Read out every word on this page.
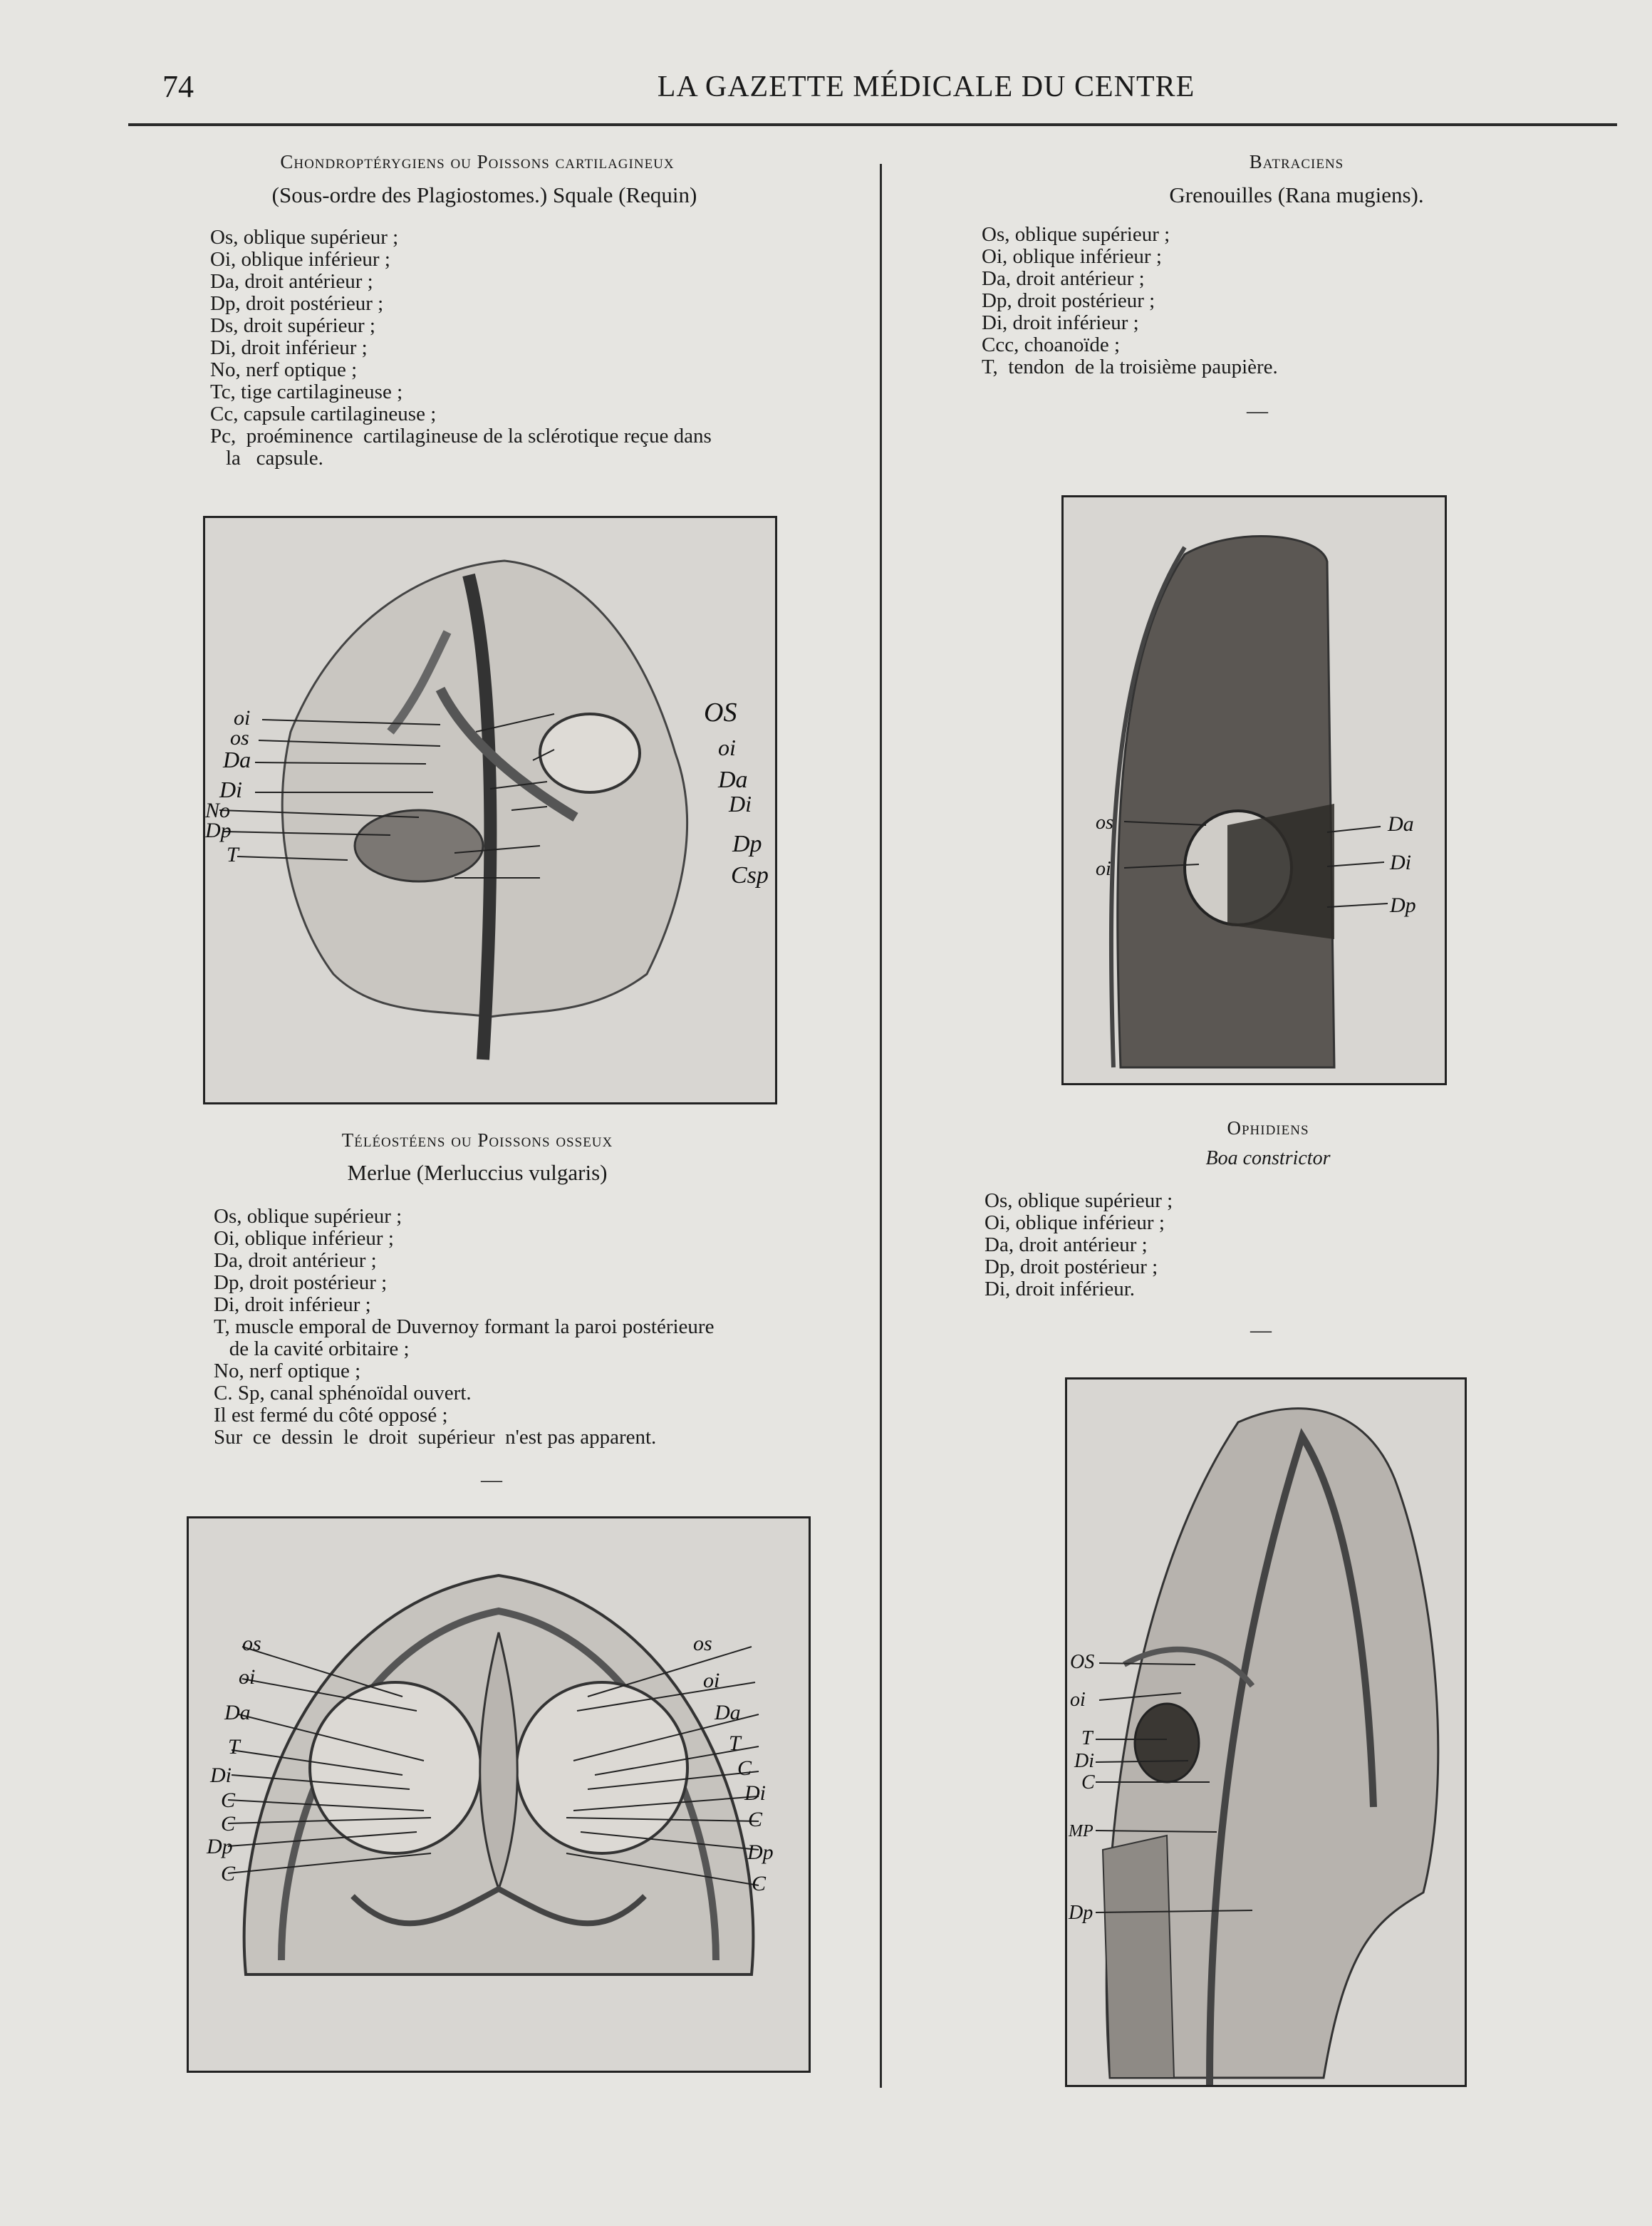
74	LA GAZETTE MÉDICALE DU CENTRE
Chondroptérygiens ou Poissons cartilagineux
(Sous-ordre des Plagiostomes.) Squale (Requin)
Os, oblique supérieur ;
Oi, oblique inférieur ;
Da, droit antérieur ;
Dp, droit postérieur ;
Ds, droit supérieur ;
Di, droit inférieur ;
No, nerf optique ;
Tc, tige cartilagineuse ;
Cc, capsule cartilagineuse ;
Pc,  proéminence  cartilagineuse de la sclérotique reçue dans
la   capsule.
oi
os
Da
Di
No
Dp
T
OS
oi
Da
Di
Dp
Csp
Téléostéens ou Poissons osseux
Merlue (Merluccius vulgaris)
Os, oblique supérieur ;
Oi, oblique inférieur ;
Da, droit antérieur ;
Dp, droit postérieur ;
Di, droit inférieur ;
T, muscle emporal de Duvernoy formant la paroi postérieure
de la cavité orbitaire ;
No, nerf optique ;
C. Sp, canal sphénoïdal ouvert.
Il est fermé du côté opposé ;
Sur  ce  dessin  le  droit  supérieur  n'est pas apparent.
—
os
oi
Da
T
Di
C
C
Dp
C
os
oi
Da
T
C
Di
C
Dp
C
Batraciens
Grenouilles (Rana mugiens).
Os, oblique supérieur ;
Oi, oblique inférieur ;
Da, droit antérieur ;
Dp, droit postérieur ;
Di, droit inférieur ;
Ccc, choanoïde ;
T,  tendon  de la troisième paupière.
—
os
oi
Da
Di
Dp
Ophidiens
Boa constrictor
Os, oblique supérieur ;
Oi, oblique inférieur ;
Da, droit antérieur ;
Dp, droit postérieur ;
Di, droit inférieur.
—
OS
oi
T
Di
C
MP
Dp
